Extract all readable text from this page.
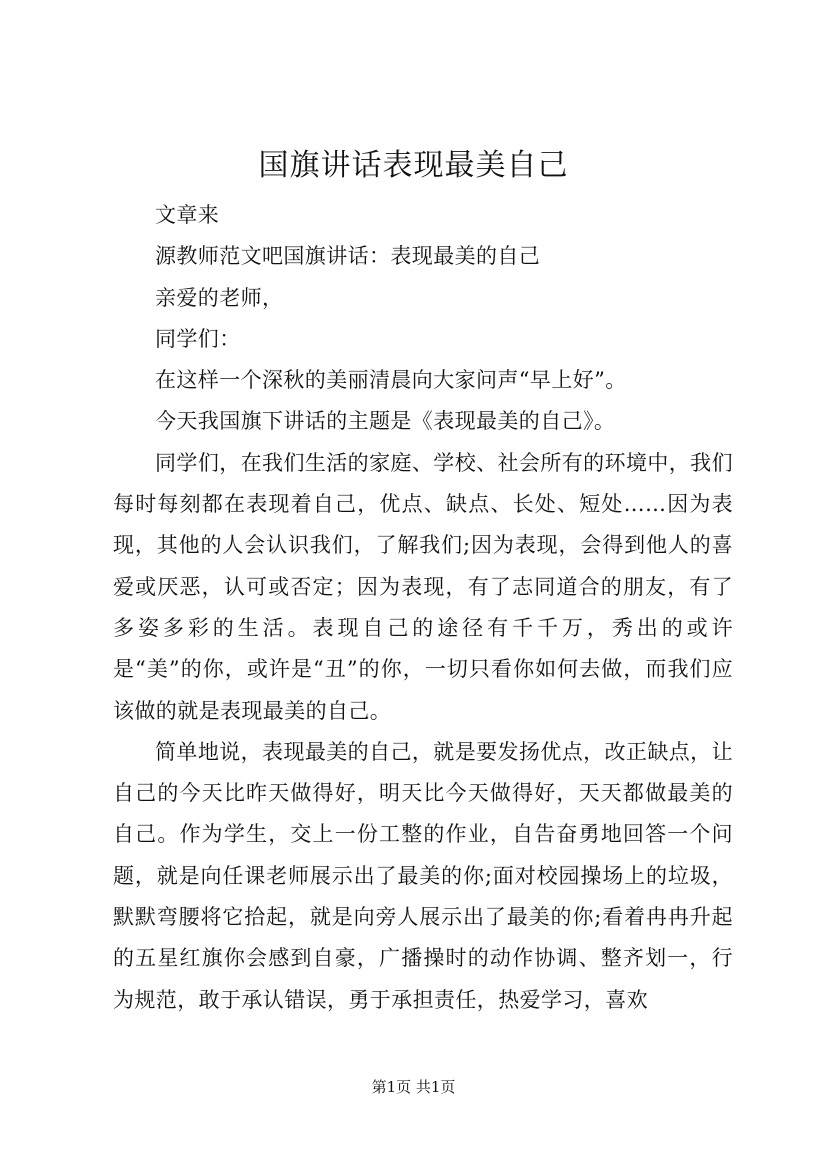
国旗讲话表现最美自己

文章来

源教师范文吧国旗讲话：表现最美的自己

亲爱的老师，

同学们：

在这样一个深秋的美丽清晨向大家问声“早上好”。

今天我国旗下讲话的主题是《表现最美的自己》。

同学们，在我们生活的家庭、学校、社会所有的环境中，我们每时每刻都在表现着自己，优点、缺点、长处、短处……因为表现，其他的人会认识我们，了解我们;因为表现，会得到他人的喜爱或厌恶，认可或否定；因为表现，有了志同道合的朋友，有了多姿多彩的生活。表现自己的途径有千千万，秀出的或许是“美”的你，或许是“丑”的你，一切只看你如何去做，而我们应该做的就是表现最美的自己。

简单地说，表现最美的自己，就是要发扬优点，改正缺点，让自己的今天比昨天做得好，明天比今天做得好，天天都做最美的自己。作为学生，交上一份工整的作业，自告奋勇地回答一个问题，就是向任课老师展示出了最美的你;面对校园操场上的垃圾，默默弯腰将它拾起，就是向旁人展示出了最美的你;看着冉冉升起的五星红旗你会感到自豪，广播操时的动作协调、整齐划一，行为规范，敢于承认错误，勇于承担责任，热爱学习，喜欢

第1页 共1页
